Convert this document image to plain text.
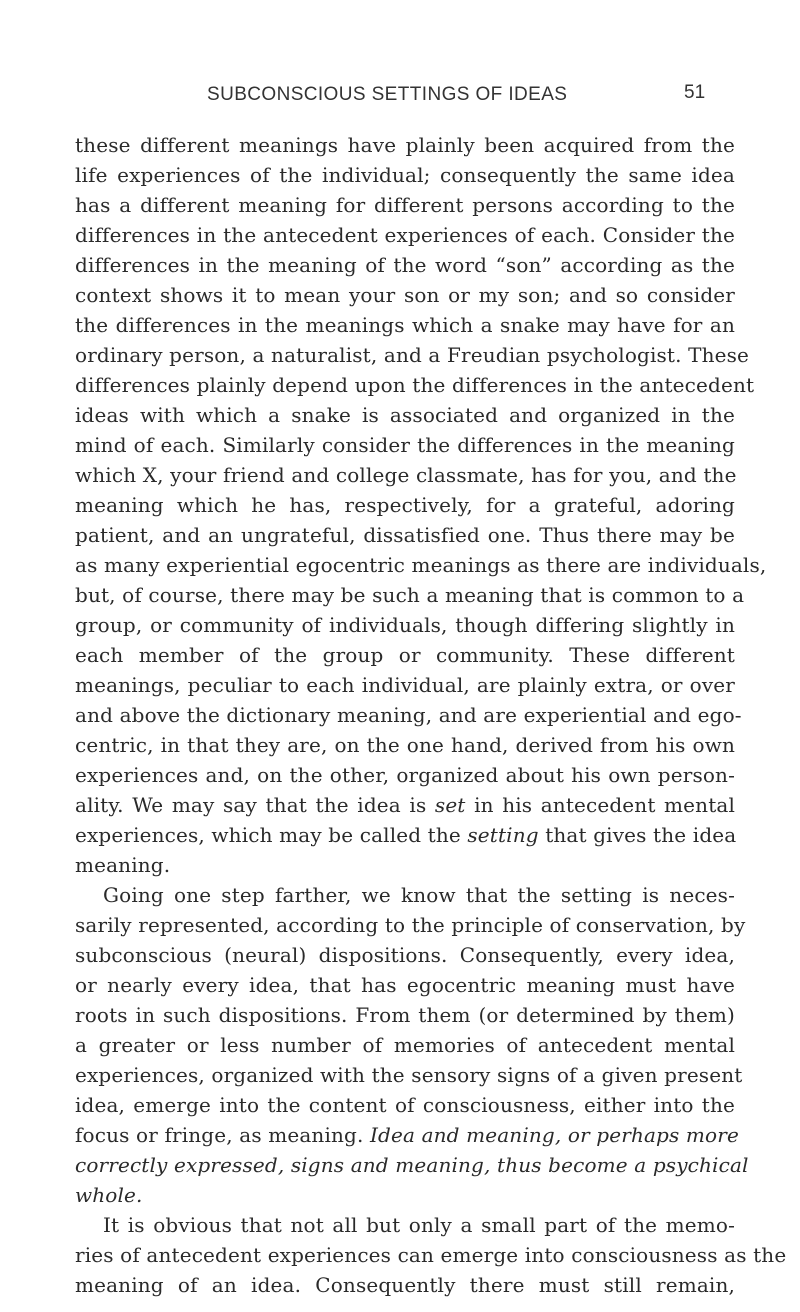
SUBCONSCIOUS SETTINGS OF IDEAS	51
these different meanings have plainly been acquired from the
life experiences of the individual; consequently the same idea
has a different meaning for different persons according to the
differences in the antecedent experiences of each. Consider the
differences in the meaning of the word “son” according as the
context shows it to mean your son or my son; and so consider
the differences in the meanings which a snake may have for an
ordinary person, a naturalist, and a Freudian psychologist. These
differences plainly depend upon the differences in the antecedent
ideas with which a snake is associated and organized in the
mind of each. Similarly consider the differences in the meaning
which X, your friend and college classmate, has for you, and the
meaning which he has, respectively, for a grateful, adoring
patient, and an ungrateful, dissatisfied one. Thus there may be
as many experiential egocentric meanings as there are individuals,
but, of course, there may be such a meaning that is common to a
group, or community of individuals, though differing slightly in
each member of the group or community. These different
meanings, peculiar to each individual, are plainly extra, or over
and above the dictionary meaning, and are experiential and ego-
centric, in that they are, on the one hand, derived from his own
experiences and, on the other, organized about his own person-
ality. We may say that the idea is set in his antecedent mental
experiences, which may be called the setting that gives the idea
meaning.
Going one step farther, we know that the setting is neces-
sarily represented, according to the principle of conservation, by
subconscious (neural) dispositions. Consequently, every idea,
or nearly every idea, that has egocentric meaning must have
roots in such dispositions. From them (or determined by them)
a greater or less number of memories of antecedent mental
experiences, organized with the sensory signs of a given present
idea, emerge into the content of consciousness, either into the
focus or fringe, as meaning. Idea and meaning, or perhaps more
correctly expressed, signs and meaning, thus become a psychical
whole.
It is obvious that not all but only a small part of the memo-
ries of antecedent experiences can emerge into consciousness as the
meaning of an idea. Consequently there must still remain,
